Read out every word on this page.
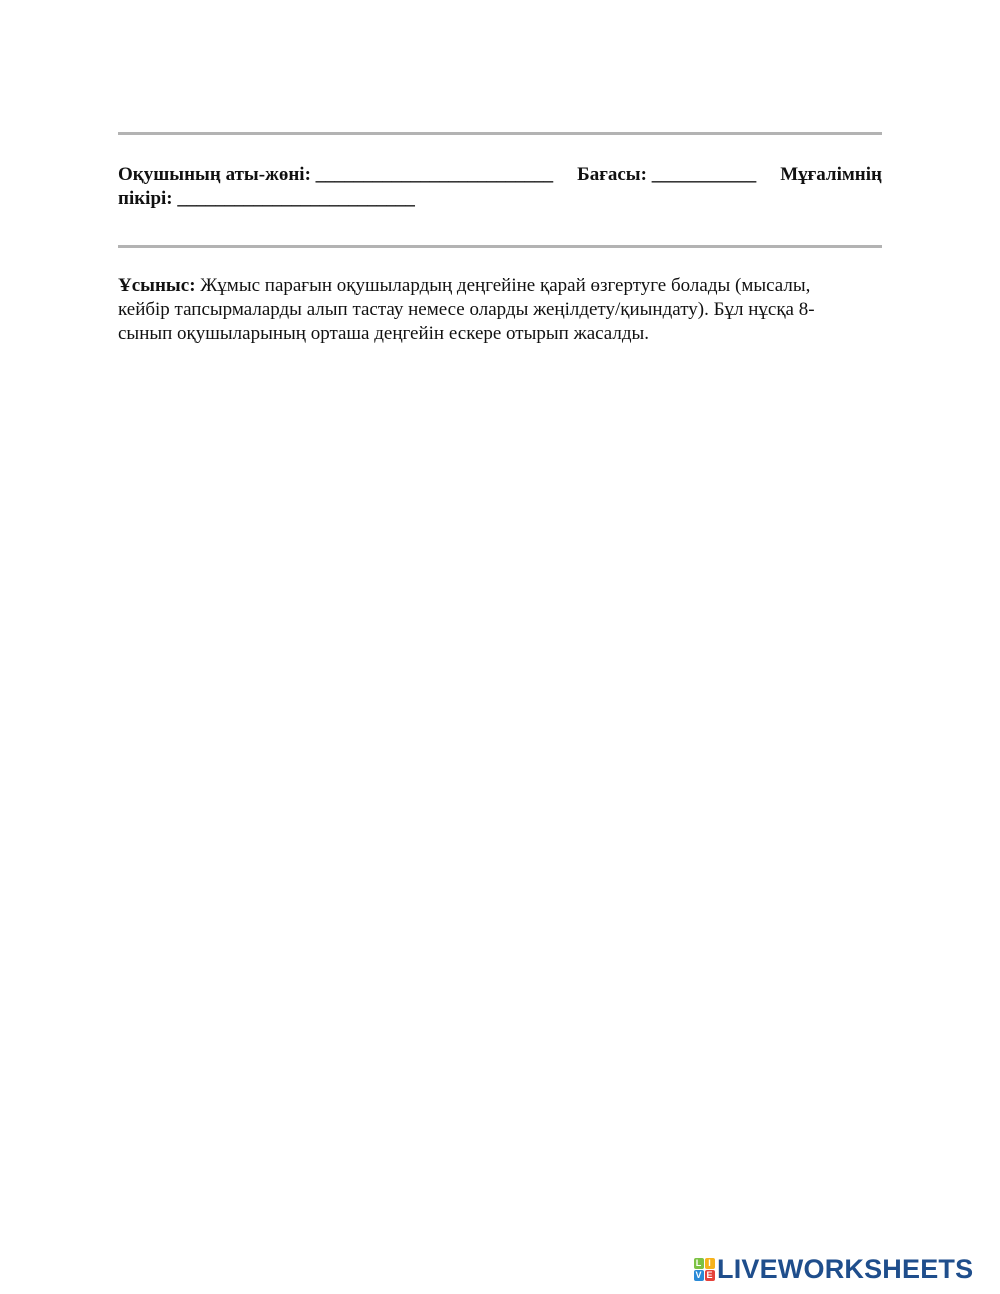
Оқушының аты-жөні: _________________________ Бағасы: ___________ Мұғалімнің
пікірі: _________________________
Ұсыныс: Жұмыс парағын оқушылардың деңгейіне қарай өзгертуге болады (мысалы,
кейбір тапсырмаларды алып тастау немесе оларды жеңілдету/қиындату). Бұл нұсқа 8-
сынып оқушыларының орташа деңгейін ескере отырып жасалды.
L I
V E LIVEWORKSHEETS
